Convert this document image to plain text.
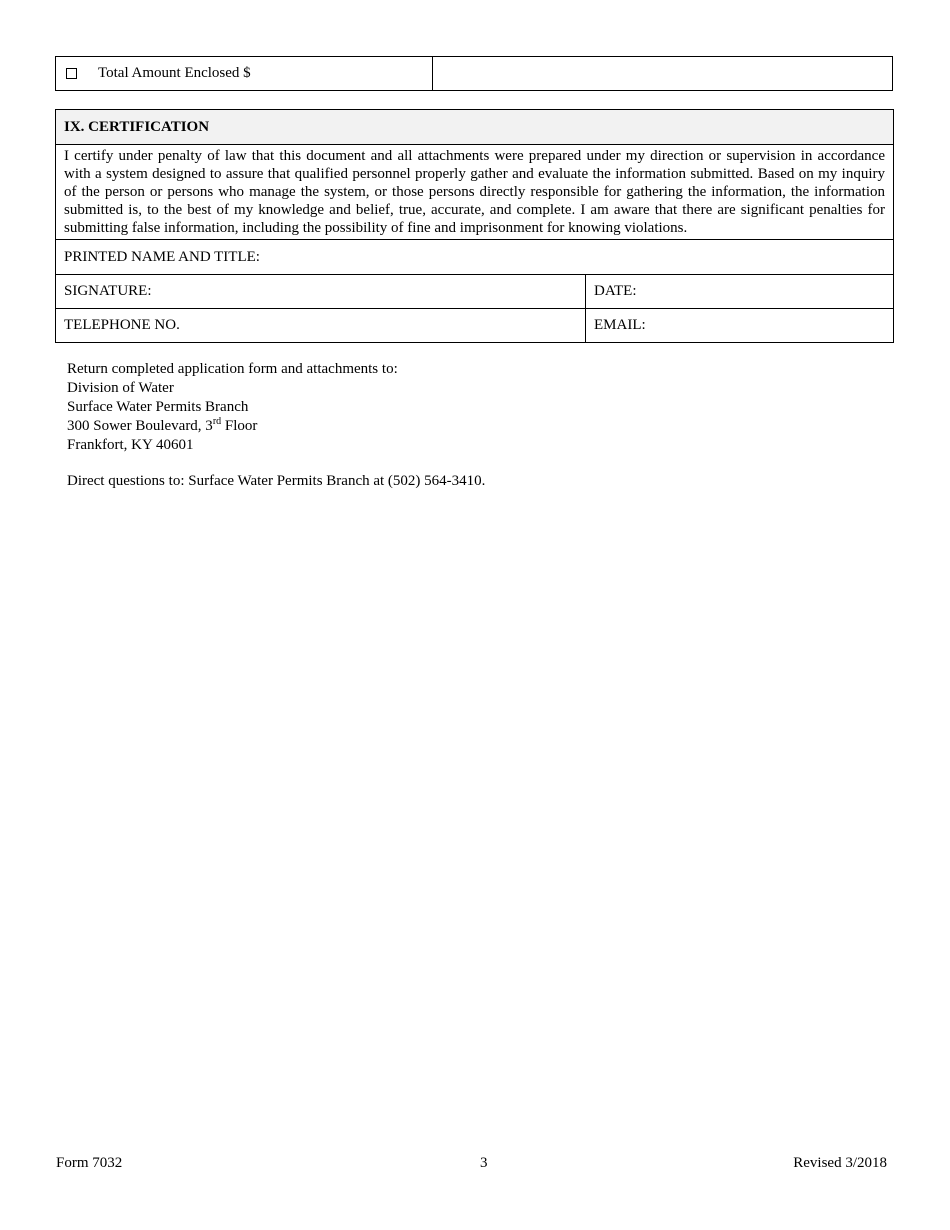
Total Amount Enclosed $
IX. CERTIFICATION
I certify under penalty of law that this document and all attachments were prepared under my direction or supervision in accordance with a system designed to assure that qualified personnel properly gather and evaluate the information submitted. Based on my inquiry of the person or persons who manage the system, or those persons directly responsible for gathering the information, the information submitted is, to the best of my knowledge and belief, true, accurate, and complete. I am aware that there are significant penalties for submitting false information, including the possibility of fine and imprisonment for knowing violations.
PRINTED NAME AND TITLE:
SIGNATURE:	DATE:
TELEPHONE NO.	EMAIL:
Return completed application form and attachments to:
Division of Water
Surface Water Permits Branch
300 Sower Boulevard, 3rd Floor
Frankfort, KY 40601
Direct questions to: Surface Water Permits Branch at (502) 564-3410.
Form 7032	3	Revised 3/2018
